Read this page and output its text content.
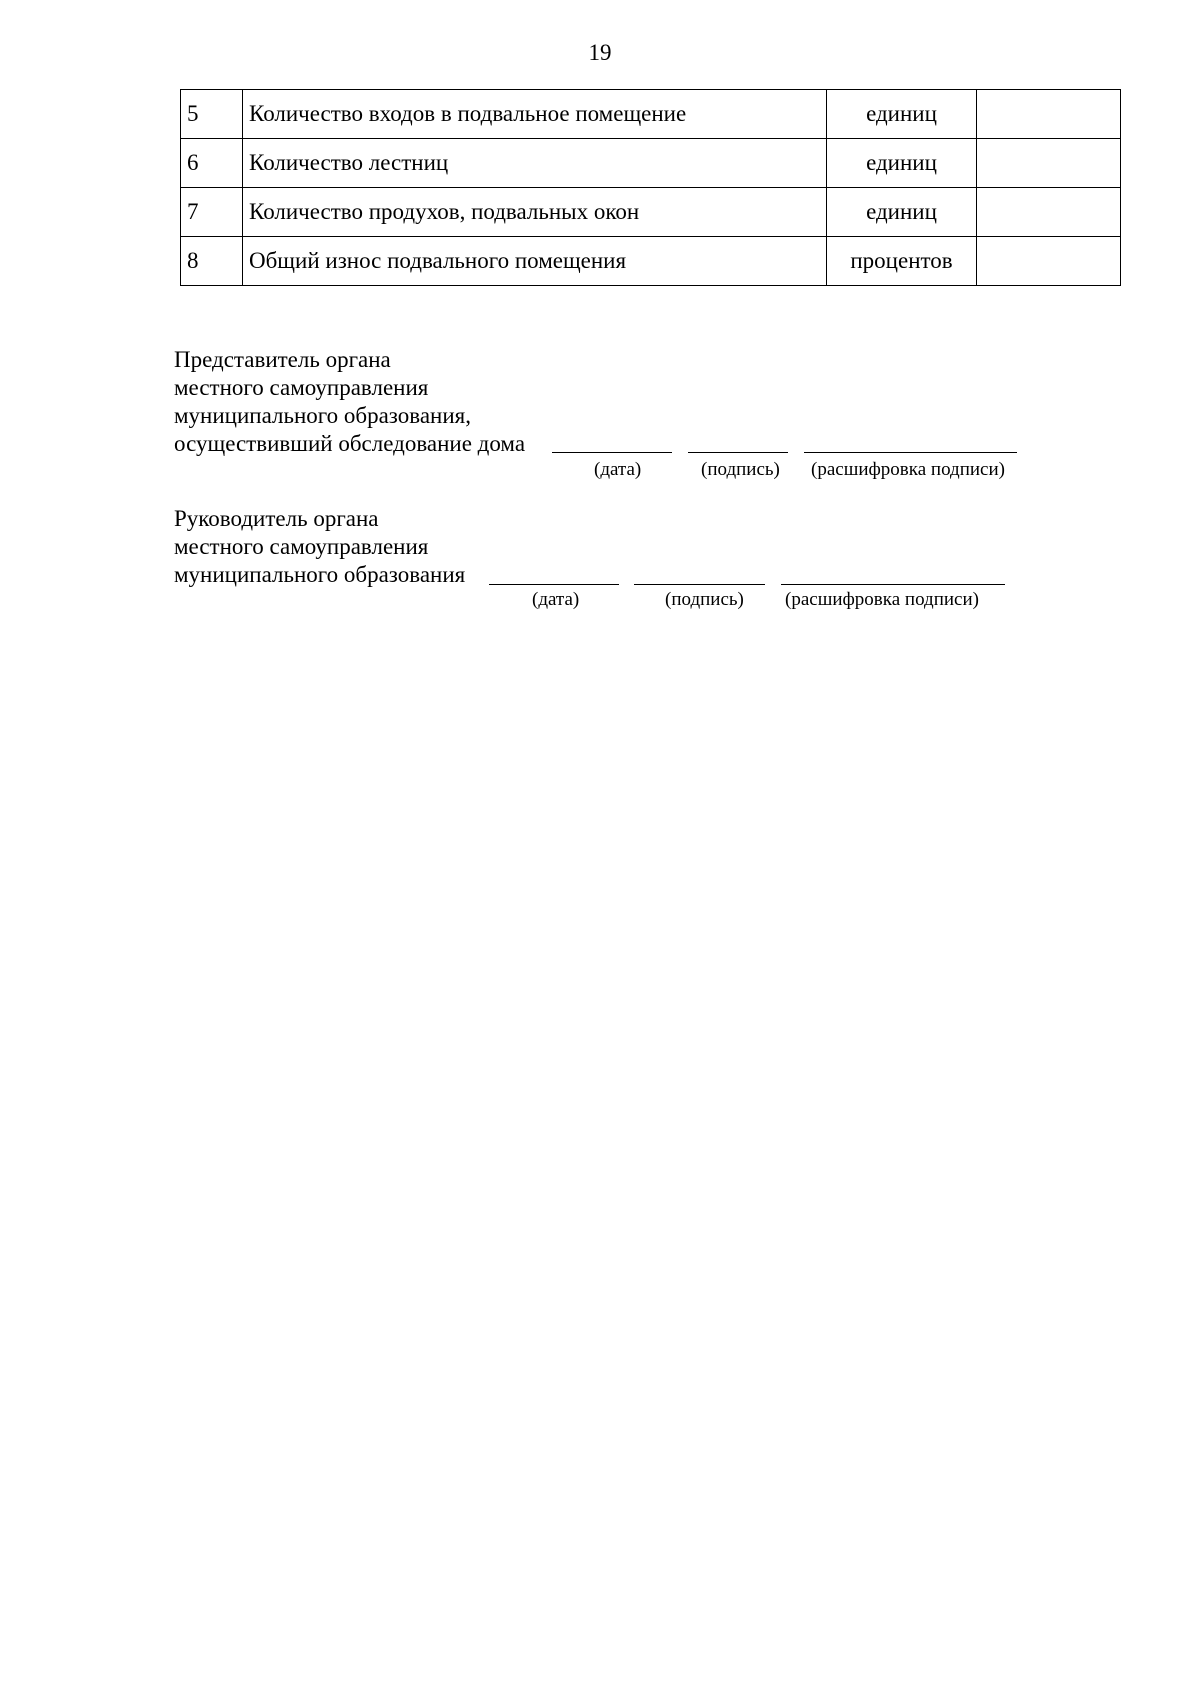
19
5	Количество входов в подвальное помещение	единиц	
6	Количество лестниц	единиц	
7	Количество продухов, подвальных окон	единиц	
8	Общий износ подвального помещения	процентов	
Представитель органа
местного самоуправления
муниципального образования,
осуществивший обследование дома
(дата)	(подпись) (расшифровка подписи)
Руководитель органа
местного самоуправления
муниципального образования
(дата)	(подпись) (расшифровка подписи)
